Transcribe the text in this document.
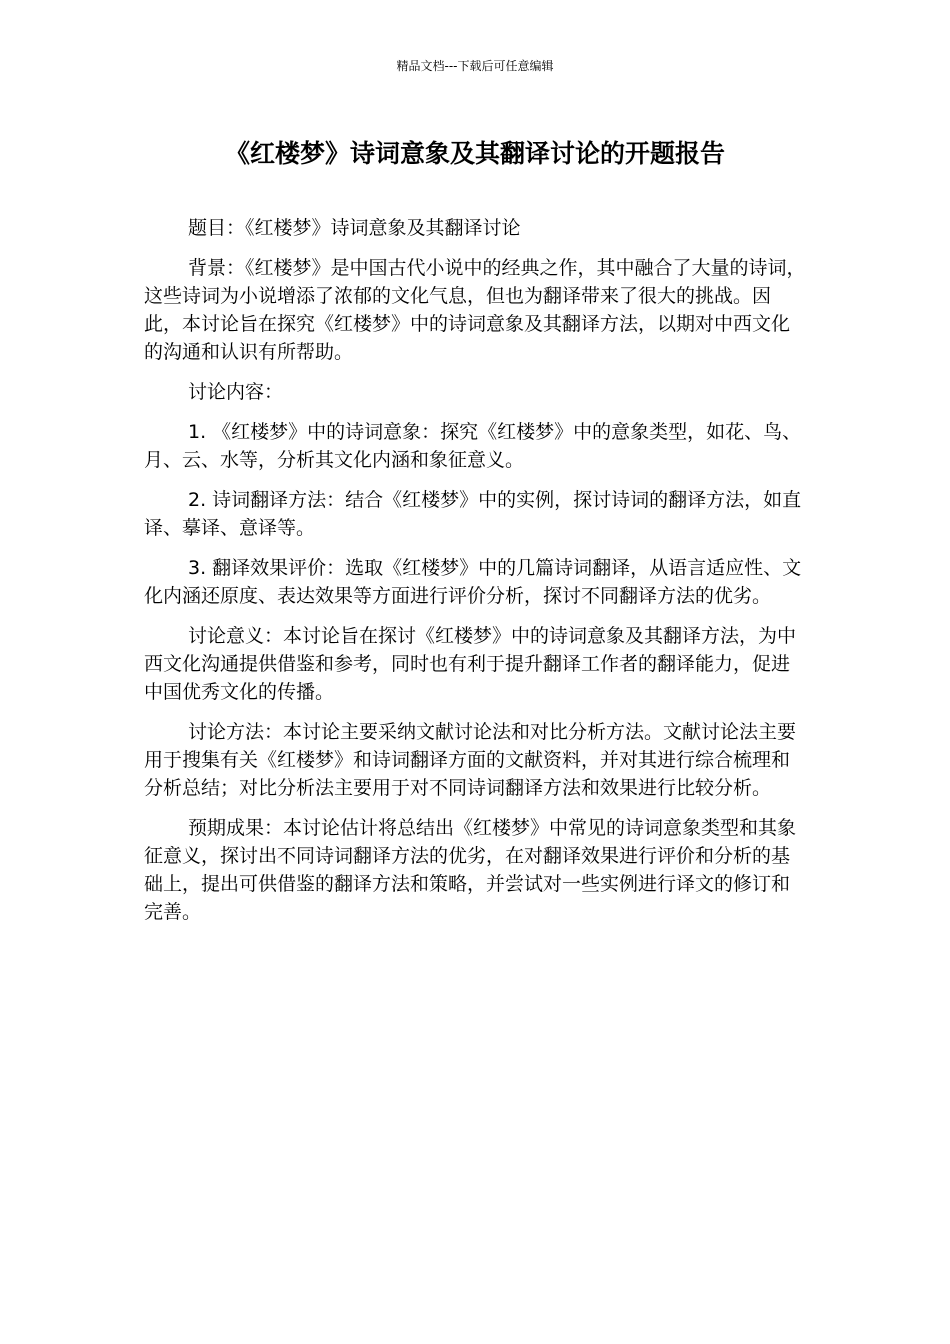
精品文档---下载后可任意编辑
《红楼梦》诗词意象及其翻译讨论的开题报告

题目：《红楼梦》诗词意象及其翻译讨论

背景：《红楼梦》是中国古代小说中的经典之作，其中融合了大量的诗词，这些诗词为小说增添了浓郁的文化气息，但也为翻译带来了很大的挑战。因此，本讨论旨在探究《红楼梦》中的诗词意象及其翻译方法，以期对中西文化的沟通和认识有所帮助。

讨论内容：

1. 《红楼梦》中的诗词意象：探究《红楼梦》中的意象类型，如花、鸟、月、云、水等，分析其文化内涵和象征意义。

2. 诗词翻译方法：结合《红楼梦》中的实例，探讨诗词的翻译方法，如直译、摹译、意译等。

3. 翻译效果评价：选取《红楼梦》中的几篇诗词翻译，从语言适应性、文化内涵还原度、表达效果等方面进行评价分析，探讨不同翻译方法的优劣。

讨论意义：本讨论旨在探讨《红楼梦》中的诗词意象及其翻译方法，为中西文化沟通提供借鉴和参考，同时也有利于提升翻译工作者的翻译能力，促进中国优秀文化的传播。

讨论方法：本讨论主要采纳文献讨论法和对比分析方法。文献讨论法主要用于搜集有关《红楼梦》和诗词翻译方面的文献资料，并对其进行综合梳理和分析总结；对比分析法主要用于对不同诗词翻译方法和效果进行比较分析。

预期成果：本讨论估计将总结出《红楼梦》中常见的诗词意象类型和其象征意义，探讨出不同诗词翻译方法的优劣，在对翻译效果进行评价和分析的基础上，提出可供借鉴的翻译方法和策略，并尝试对一些实例进行译文的修订和完善。
